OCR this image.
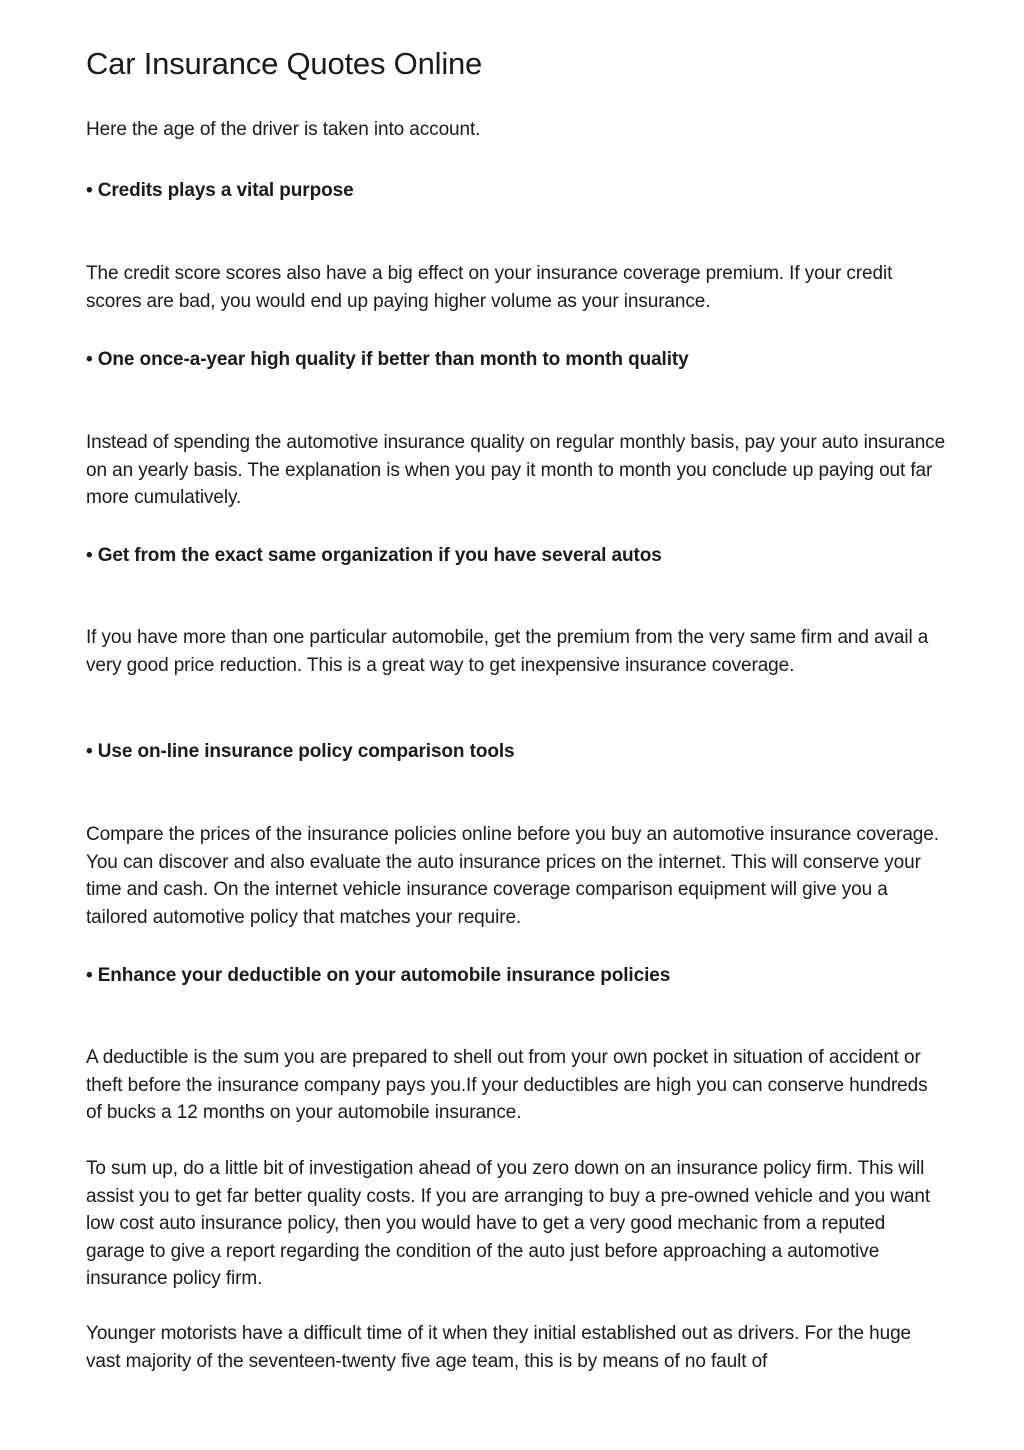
Car Insurance Quotes Online

Here the age of the driver is taken into account.

• Credits plays a vital purpose

The credit score scores also have a big effect on your insurance coverage premium. If your credit scores are bad, you would end up paying higher volume as your insurance.

• One once-a-year high quality if better than month to month quality

Instead of spending the automotive insurance quality on regular monthly basis, pay your auto insurance on an yearly basis. The explanation is when you pay it month to month you conclude up paying out far more cumulatively.

• Get from the exact same organization if you have several autos

If you have more than one particular automobile, get the premium from the very same firm and avail a very good price reduction. This is a great way to get inexpensive insurance coverage.

• Use on-line insurance policy comparison tools

Compare the prices of the insurance policies online before you buy an automotive insurance coverage. You can discover and also evaluate the auto insurance prices on the internet. This will conserve your time and cash. On the internet vehicle insurance coverage comparison equipment will give you a tailored automotive policy that matches your require.

• Enhance your deductible on your automobile insurance policies

A deductible is the sum you are prepared to shell out from your own pocket in situation of accident or theft before the insurance company pays you.If your deductibles are high you can conserve hundreds of bucks a 12 months on your automobile insurance.

To sum up, do a little bit of investigation ahead of you zero down on an insurance policy firm. This will assist you to get far better quality costs. If you are arranging to buy a pre-owned vehicle and you want low cost auto insurance policy, then you would have to get a very good mechanic from a reputed garage to give a report regarding the condition of the auto just before approaching a automotive insurance policy firm.

Younger motorists have a difficult time of it when they initial established out as drivers. For the huge vast majority of the seventeen-twenty five age team, this is by means of no fault of
